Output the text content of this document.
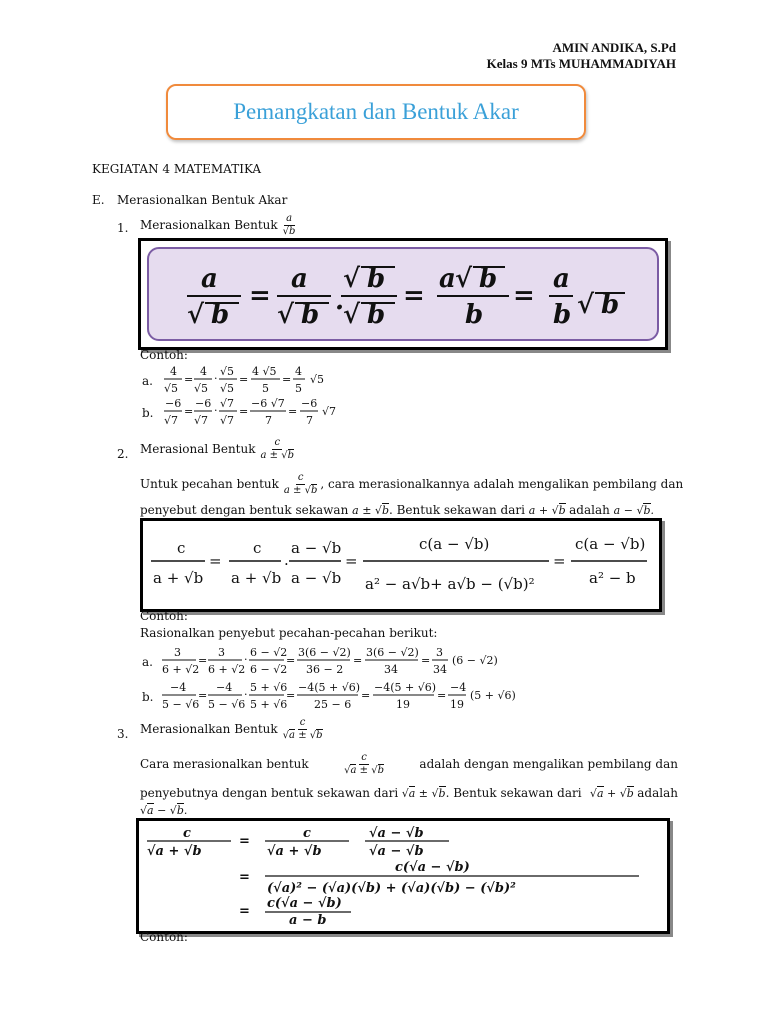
AMIN ANDIKA, S.Pd
Kelas 9 MTs MUHAMMADIYAH
Pemangkatan dan Bentuk Akar
KEGIATAN 4 MATEMATIKA
E. Merasionalkan Bentuk Akar
1. Merasionalkan Bentuk $\frac{a}{√b}$
a
√ b
=
a
√ b .
√ b
√ b
=
a √ b
b
=
a
b √ b
Contoh:
a.
4
√5
=
4
√5
·
√5
√5
=
4 √5
5
=
4
5
√5
b.
−6
√7
=
−6
√7
·
√7
√7
=
−6 √7
7
=
−6
7
√7
2. Merasional Bentuk $\frac{c}{a \pm √b}$
Untuk pecahan bentuk $\frac{c}{a \pm √b}$ , cara merasionalkannya adalah mengalikan pembilang dan
penyebut dengan bentuk sekawan a ± √b. Bentuk sekawan dari a + √b adalah a − √b.
c
a + √b
=
c
a + √b
.
a − √b
a − √b
=
c(a − √b)
a² − a√b+ a√b − (√b)²
=
c(a − √b)
a² − b
Contoh:
Rasionalkan penyebut pecahan-pecahan berikut:
a.
3
6 + √2
=
3
6 + √2
·
6 − √2
6 − √2
=
3(6 − √2)
36 − 2
=
3(6 − √2)
34
=
3
34
(6 − √2)
b.
−4
5 − √6
=
−4
5 − √6
·
5 + √6
5 + √6
=
−4(5 + √6)
25 − 6
=
−4(5 + √6)
19
=
−4
19
(5 + √6)
3. Merasionalkan Bentuk $\frac{c}{√a \pm √b}$
Cara merasionalkan bentuk	$\frac{c}{√a \pm √b}$	adalah dengan mengalikan pembilang dan
penyebutnya dengan bentuk sekawan dari √a ± √b. Bentuk sekawan dari √a + √b adalah
√a − √b.
c
√a + √b
=
c
√a + √b
√a − √b
√a − √b
=
c(√a − √b)
(√a)² − (√a)(√b) + (√a)(√b) − (√b)²
=
c(√a − √b)
a − b
Contoh:
